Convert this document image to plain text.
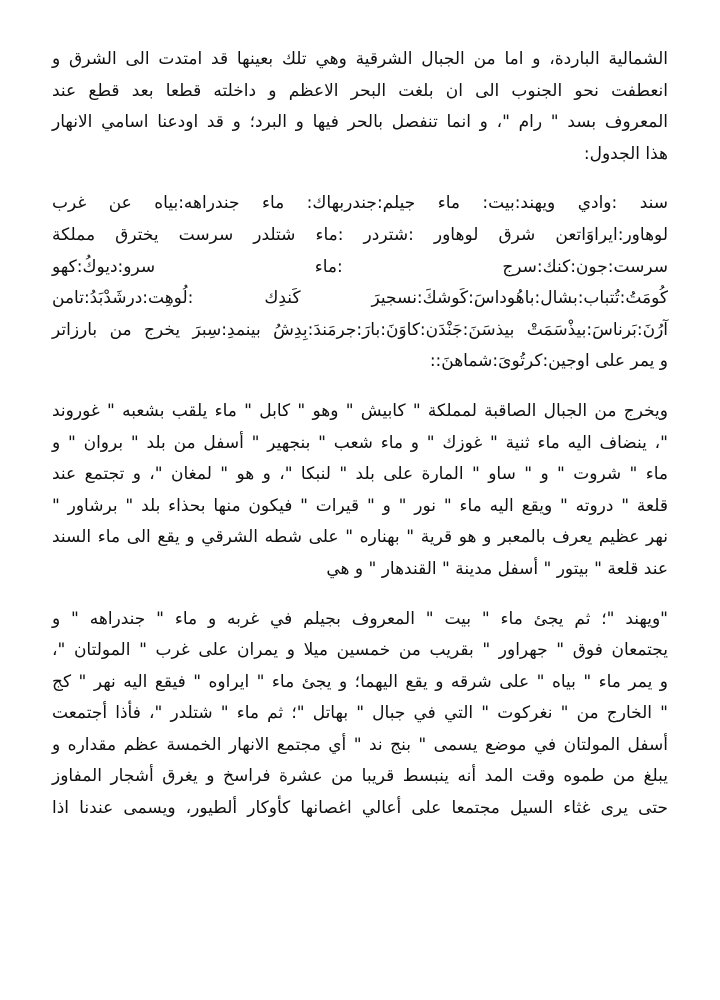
الشمالية الباردة، و اما من الجبال الشرقية وهي تلك بعينها قد امتدت الى الشرق و
انعطفت نحو الجنوب الى ان بلغت البحر الاعظم و داخلته قطعا بعد قطع عند
المعروف بسد " رام "، و انما تنفصل بالحر فيها و البرد؛ و قد اودعنا اسامي الانهار
هذا الجدول:
سند :وادي ويهند:بيت: ماء جيلم:جندربهاك: ماء جندراهه:بياه عن غرب
لوهاور:ايراوَاتعن شرق لوهاور :شتردر :ماء شتلدر سرست يخترق مملكة
سرست:جون:كنك:سرج :ماء سرو:ديوكُ:كهو
كُومَتُ:تُتباب:بشال:باهُوداسَ:كَوشكَ:نسجيرَ كَندِك :لُوهِت:درشَدْبَدُ:تامن
آرُنَ:بَرناسَ:بيذْسَمَتْ بيذسَنَ:جَنْدَن:كاوَنَ:بارَ:جرمَندَ:بِدِشُ بينمدِ:سِبرَ يخرج من بارزاتر
و يمر على اوجين:كرتُوىَ:شماهنَ::
ويخرج من الجبال الصاقبة لمملكة " كابيش " وهو " كابل " ماء يلقب بشعبه " غوروند
"، ينضاف اليه ماء ثنية " غوزك " و ماء شعب " بنجهير " أسفل من بلد " بروان " و
ماء " شروت " و " ساو " المارة على بلد " لنبكا "، و هو " لمغان "، و تجتمع عند
قلعة " دروته " ويقع اليه ماء " نور " و " قيرات " فيكون منها بحذاء بلد " برشاور "
نهر عظيم يعرف بالمعبر و هو قرية " بهناره " على شطه الشرقي و يقع الى ماء السند
عند قلعة " بيتور " أسفل مدينة " القندهار " و هي
"ويهند "؛ ثم يجئ ماء " بيت " المعروف بجيلم في غربه و ماء " جندراهه " و
يجتمعان فوق " جهراور " بقريب من خمسين ميلا و يمران على غرب " المولتان "،
و يمر ماء " بياه " على شرقه و يقع اليهما؛ و يجئ ماء " ايراوه " فيقع اليه نهر " كج
" الخارج من " نغركوت " التي في جبال " بهاتل "؛ ثم ماء " شتلدر "، فأذا أجتمعت
أسفل المولتان في موضع يسمى " بنج ند " أي مجتمع الانهار الخمسة عظم مقداره و
يبلغ من طموه وقت المد أنه ينبسط قريبا من عشرة فراسخ و يغرق أشجار المفاوز
حتى يرى غثاء السيل مجتمعا على أعالي اغصانها كأوكار ألطيور، ويسمى عندنا اذا
